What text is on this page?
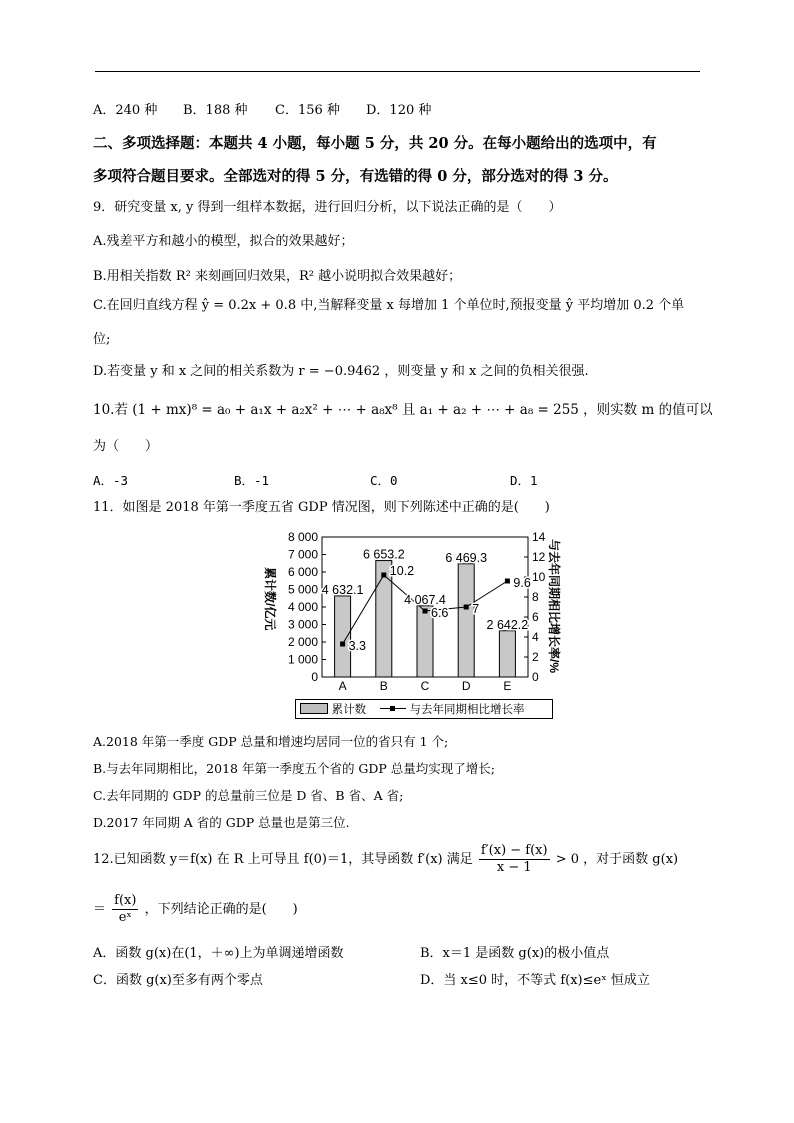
A．240 种 B．188 种 C．156 种 D．120 种
二、多项选择题：本题共 4 小题，每小题 5 分，共 20 分。在每小题给出的选项中，有
多项符合题目要求。全部选对的得 5 分，有选错的得 0 分，部分选对的得 3 分。
9．研究变量 x, y 得到一组样本数据，进行回归分析，以下说法正确的是（　　）
A.残差平方和越小的模型，拟合的效果越好；
B.用相关指数 R² 来刻画回归效果，R² 越小说明拟合效果越好；
C.在回归直线方程 ŷ = 0.2x + 0.8 中,当解释变量 x 每增加 1 个单位时,预报变量 ŷ 平均增加 0.2 个单
位;
D.若变量 y 和 x 之间的相关系数为 r = −0.9462 ，则变量 y 和 x 之间的负相关很强.
10.若 (1 + mx)⁸ = a₀ + a₁x + a₂x² + ⋯ + a₈x⁸ 且 a₁ + a₂ + ⋯ + a₈ = 255 ，则实数 m 的值可以
为（　　）
A．-3	B．-1	C．0	D．1
11．如图是 2018 年第一季度五省 GDP 情况图，则下列陈述中正确的是(　　)
0
1 000
2 000
3 000
4 000
5 000
6 000
7 000
8 000
0
2
4
6
8
10
12
14
累计数/亿元	与去年同期相比增长率/%
A
4 632.1
B
6 653.2
C
4 067.4
D
6 469.3
E
2 642.2
3.3
10.2
6.6 7
9.6
累计数	与去年同期相比增长率
A.2018 年第一季度 GDP 总量和增速均居同一位的省只有 1 个;
B.与去年同期相比，2018 年第一季度五个省的 GDP 总量均实现了增长;
C.去年同期的 GDP 的总量前三位是 D 省、B 省、A 省;
D.2017 年同期 A 省的 GDP 总量也是第三位.
12.已知函数 y＝f(x) 在 R 上可导且 f(0)＝1，其导函数 f′(x) 满足 $\frac{f'(x) - f(x)}{x - 1} > 0$ ，对于函数 g(x)
＝ $\frac{f(x)}{\text{eˣ}}$ ，下列结论正确的是(　　)
A．函数 g(x)在(1，＋∞)上为单调递增函数	B．x＝1 是函数 g(x)的极小值点
C．函数 g(x)至多有两个零点	D．当 x≤0 时，不等式 f(x)≤eˣ 恒成立
